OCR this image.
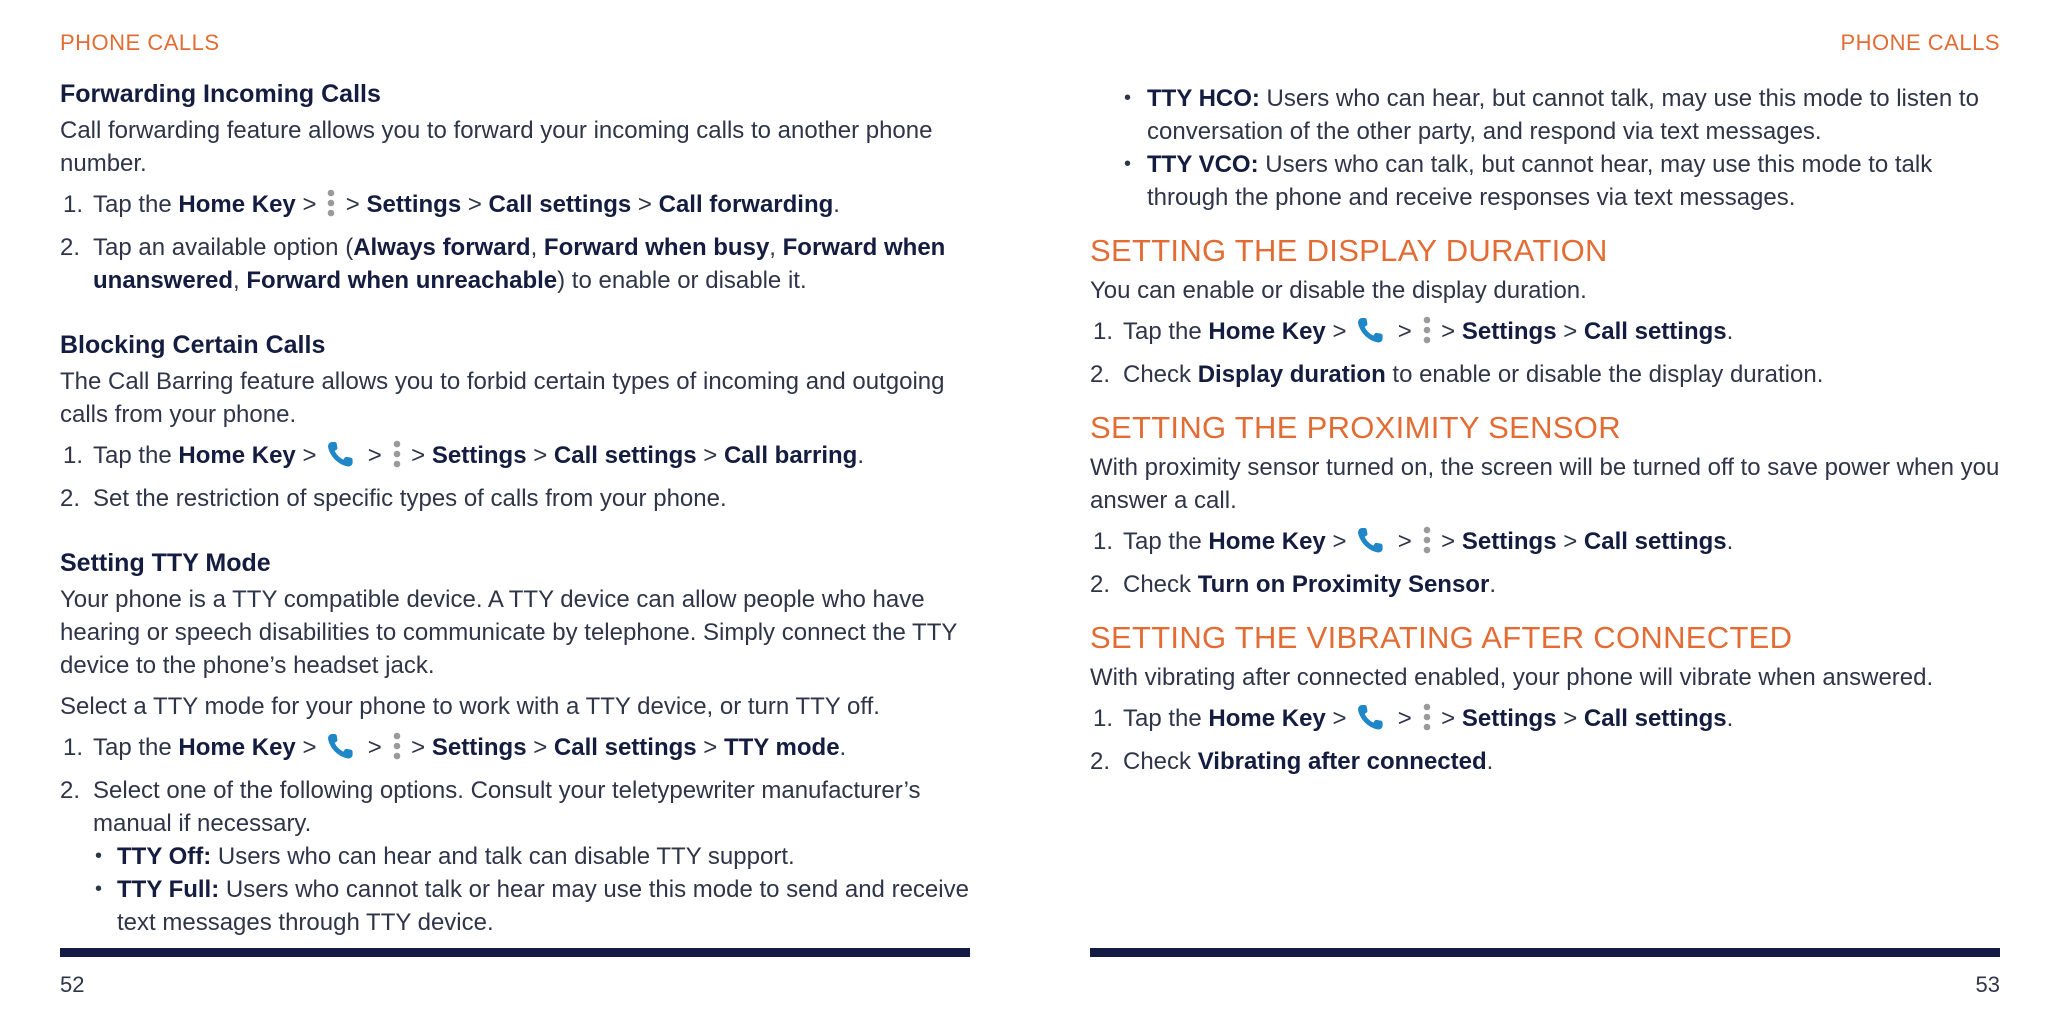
PHONE CALLS
Forwarding Incoming Calls

Call forwarding feature allows you to forward your incoming calls to another phone number.

1. Tap the Home Key >  > Settings > Call settings > Call forwarding.
2. Tap an available option (Always forward, Forward when busy, Forward when unanswered, Forward when unreachable) to enable or disable it.
Blocking Certain Calls

The Call Barring feature allows you to forbid certain types of incoming and outgoing calls from your phone.

1. Tap the Home Key >  >  > Settings > Call settings > Call barring.
2. Set the restriction of specific types of calls from your phone.
Setting TTY Mode

Your phone is a TTY compatible device. A TTY device can allow people who have hearing or speech disabilities to communicate by telephone. Simply connect the TTY device to the phone’s headset jack.

Select a TTY mode for your phone to work with a TTY device, or turn TTY off.

1. Tap the Home Key >  >  > Settings > Call settings > TTY mode.
2. Select one of the following options. Consult your teletypewriter manufacturer’s manual if necessary.
• TTY Off: Users who can hear and talk can disable TTY support.
• TTY Full: Users who cannot talk or hear may use this mode to send and receive text messages through TTY device.
52
PHONE CALLS
• TTY HCO: Users who can hear, but cannot talk, may use this mode to listen to conversation of the other party, and respond via text messages.
• TTY VCO: Users who can talk, but cannot hear, may use this mode to talk through the phone and receive responses via text messages.
SETTING THE DISPLAY DURATION

You can enable or disable the display duration.

1. Tap the Home Key >  >  > Settings > Call settings.
2. Check Display duration to enable or disable the display duration.
SETTING THE PROXIMITY SENSOR

With proximity sensor turned on, the screen will be turned off to save power when you answer a call.

1. Tap the Home Key >  >  > Settings > Call settings.
2. Check Turn on Proximity Sensor.
SETTING THE VIBRATING AFTER CONNECTED

With vibrating after connected enabled, your phone will vibrate when answered.

1. Tap the Home Key >  >  > Settings > Call settings.
2. Check Vibrating after connected.
53
